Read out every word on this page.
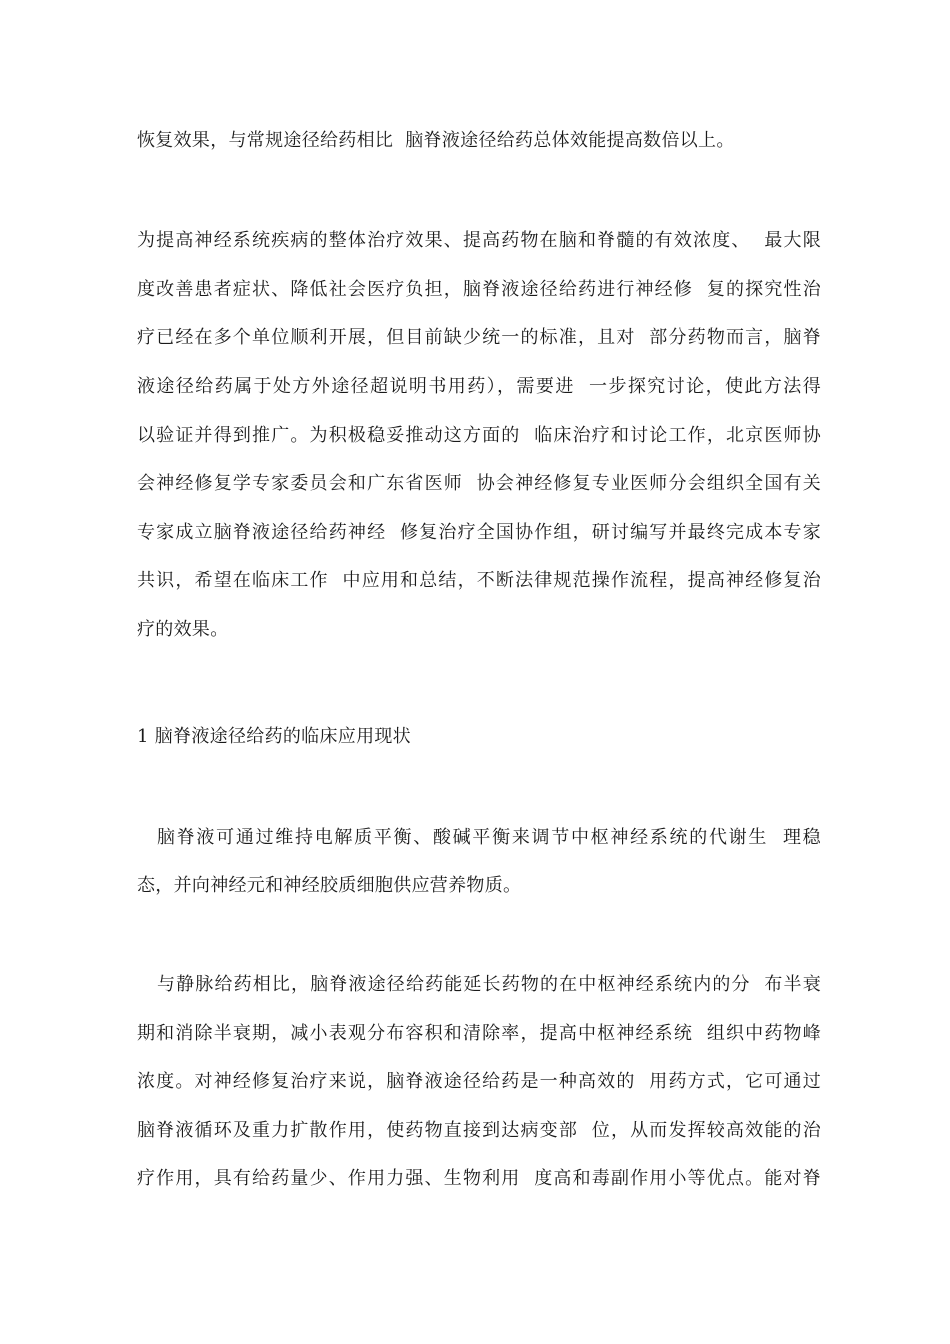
恢复效果，与常规途径给药相比  脑脊液途径给药总体效能提高数倍以上。
为提高神经系统疾病的整体治疗效果、提高药物在脑和脊髓的有效浓度、  最大限
度改善患者症状、降低社会医疗负担，脑脊液途径给药进行神经修  复的探究性治
疗已经在多个单位顺利开展，但目前缺少统一的标准，且对  部分药物而言，脑脊
液途径给药属于处方外途径超说明书用药），需要进  一步探究讨论，使此方法得
以验证并得到推广。为积极稳妥推动这方面的  临床治疗和讨论工作，北京医师协
会神经修复学专家委员会和广东省医师  协会神经修复专业医师分会组织全国有关
专家成立脑脊液途径给药神经  修复治疗全国协作组，研讨编写并最终完成本专家
共识，希望在临床工作  中应用和总结，不断法律规范操作流程，提高神经修复治
疗的效果。
1 脑脊液途径给药的临床应用现状
脑脊液可通过维持电解质平衡、酸碱平衡来调节中枢神经系统的代谢生  理稳
态，并向神经元和神经胶质细胞供应营养物质。
与静脉给药相比，脑脊液途径给药能延长药物的在中枢神经系统内的分  布半衰
期和消除半衰期，减小表观分布容积和清除率，提高中枢神经系统  组织中药物峰
浓度。对神经修复治疗来说，脑脊液途径给药是一种高效的  用药方式，它可通过
脑脊液循环及重力扩散作用，使药物直接到达病变部  位，从而发挥较高效能的治
疗作用，具有给药量少、作用力强、生物利用  度高和毒副作用小等优点。能对脊
